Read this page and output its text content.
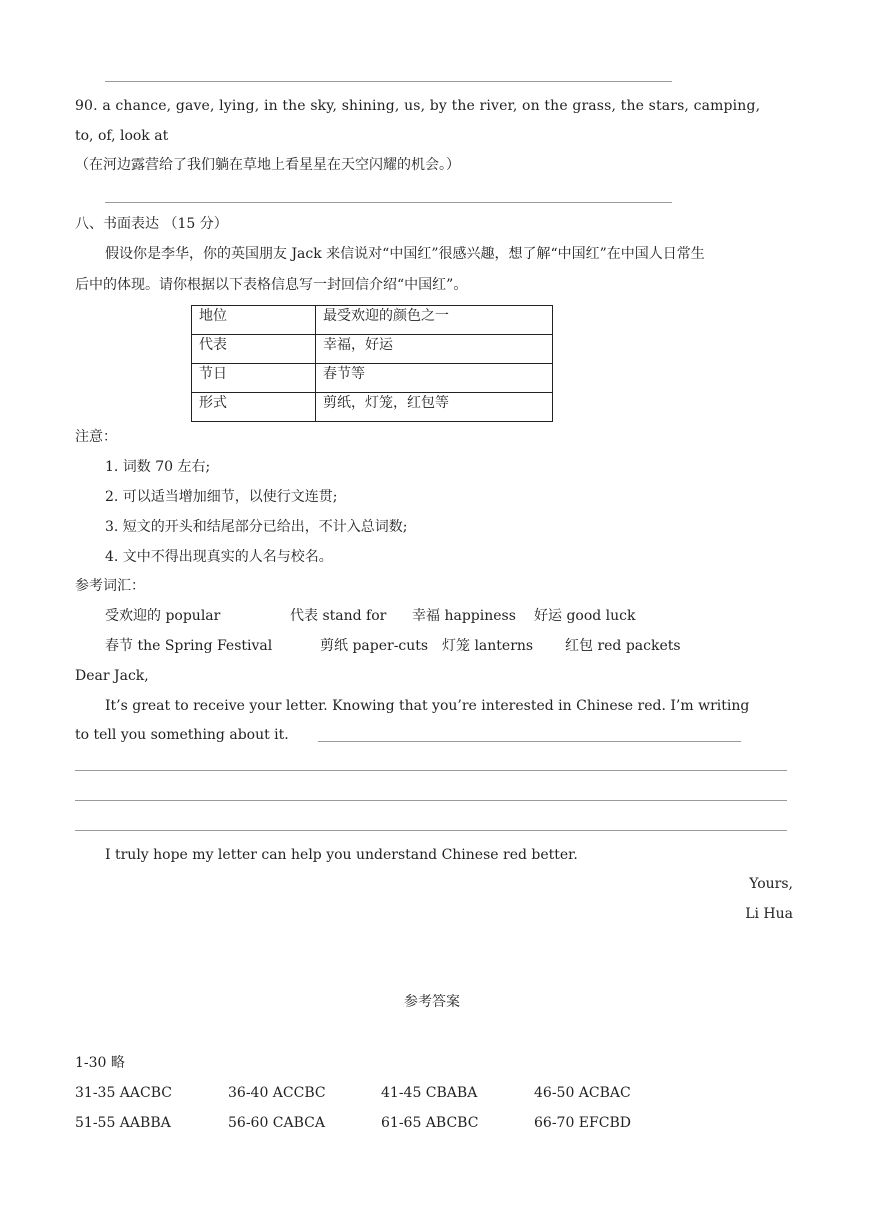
90. a chance, gave, lying, in the sky, shining, us, by the river, on the grass, the stars, camping,
to, of, look at
（在河边露营给了我们躺在草地上看星星在天空闪耀的机会。）
八、书面表达 （15 分）
假设你是李华，你的英国朋友 Jack 来信说对“中国红”很感兴趣，想了解“中国红”在中国人日常生
后中的体现。请你根据以下表格信息写一封回信介绍“中国红”。
地位	最受欢迎的颜色之一
代表	幸福，好运
节日	春节等
形式	剪纸，灯笼，红包等
注意：
1. 词数 70 左右;
2. 可以适当增加细节，以使行文连贯;
3. 短文的开头和结尾部分已给出，不计入总词数;
4. 文中不得出现真实的人名与校名。
参考词汇：
受欢迎的 popular	代表 stand for 幸福 happiness 好运 good luck
春节 the Spring Festival	剪纸 paper-cuts 灯笼 lanterns 红包 red packets
Dear Jack,
It’s great to receive your letter. Knowing that you’re interested in Chinese red. I’m writing
to tell you something about it.
I truly hope my letter can help you understand Chinese red better.
Yours,
Li Hua
参考答案
1-30 略
31-35 AACBC	36-40 ACCBC	41-45 CBABA	46-50 ACBAC
51-55 AABBA	56-60 CABCA	61-65 ABCBC	66-70 EFCBD
